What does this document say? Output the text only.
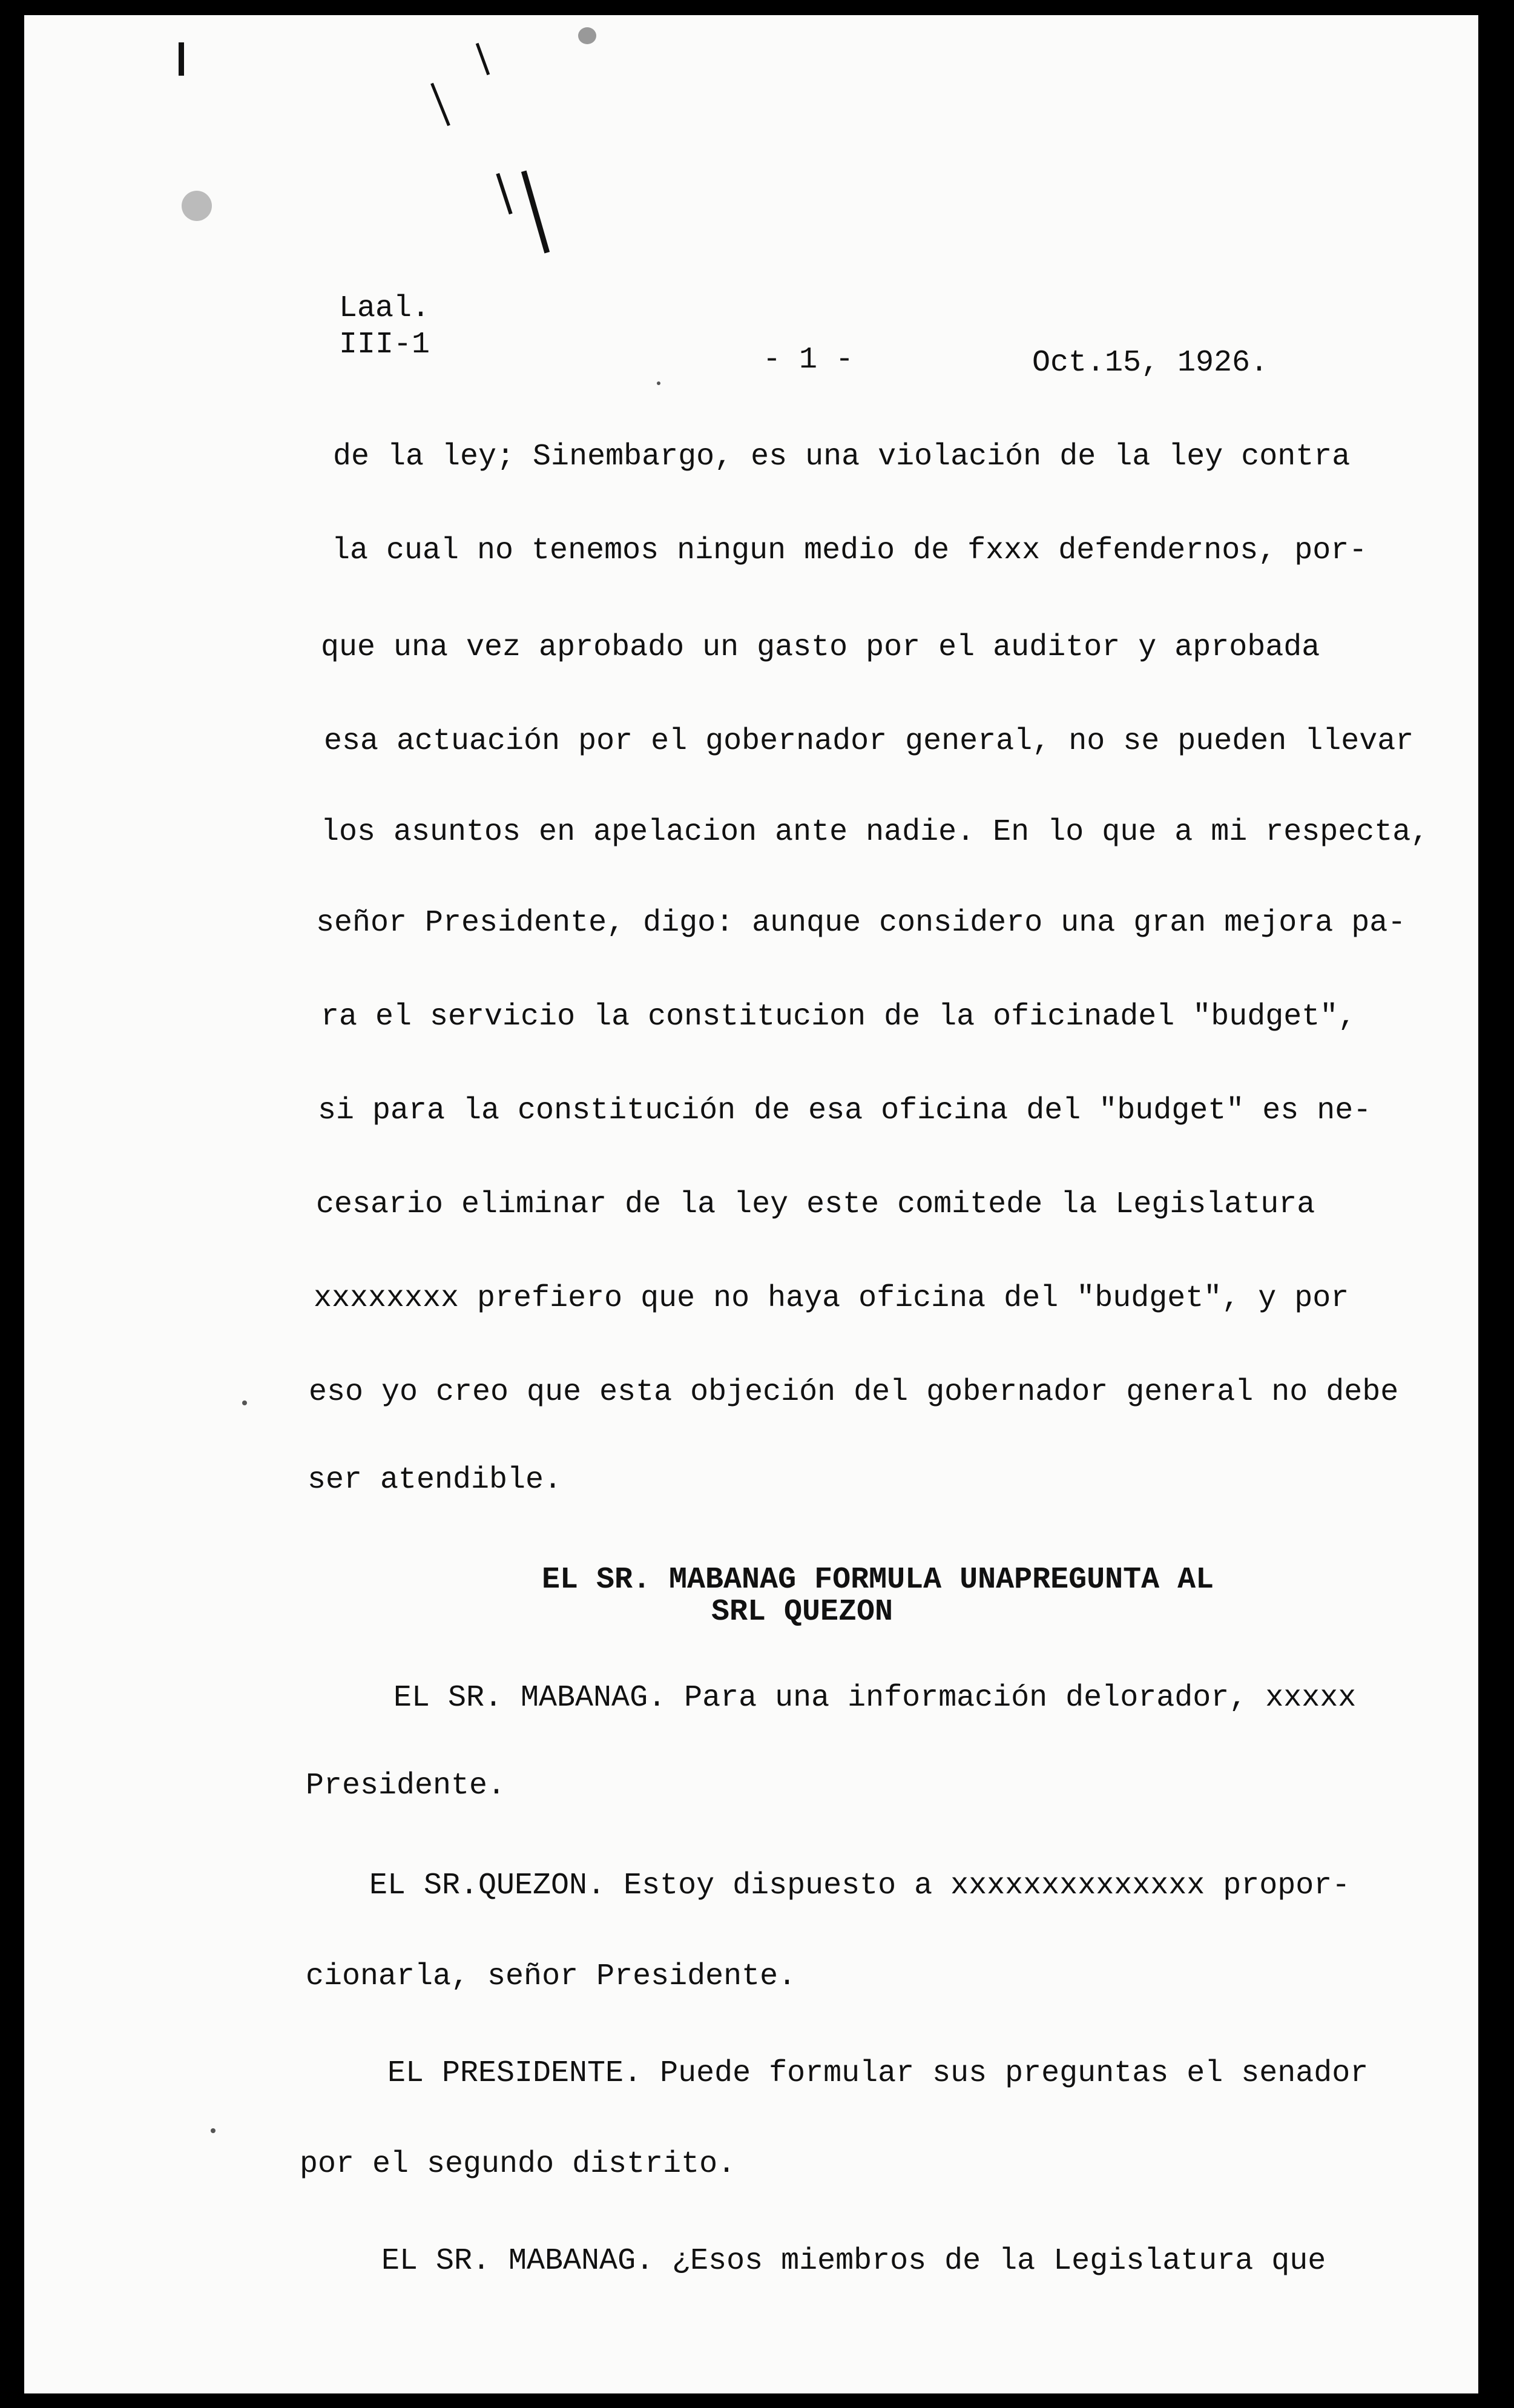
Laal.
III-1	- 1 -	Oct.15, 1926.
de la ley; Sinembargo, es una violación de la ley contra
la cual no tenemos ningun medio de fxxx defendernos, por-
que una vez aprobado un gasto por el auditor y aprobada
esa actuación por el gobernador general, no se pueden llevar
los asuntos en apelacion ante nadie. En lo que a mi respecta,
señor Presidente, digo: aunque considero una gran mejora pa-
ra el servicio la constitucion de la oficinadel "budget",
si para la constitución de esa oficina del "budget" es ne-
cesario eliminar de la ley este comitede la Legislatura
xxxxxxxx prefiero que no haya oficina del "budget", y por
eso yo creo que esta objeción del gobernador general no debe
ser atendible.
EL SR. MABANAG FORMULA UNAPREGUNTA AL
SRL QUEZON
EL SR. MABANAG. Para una información delorador, xxxxx
Presidente.
EL SR.QUEZON. Estoy dispuesto a xxxxxxxxxxxxxx propor-
cionarla, señor Presidente.
EL PRESIDENTE. Puede formular sus preguntas el senador
por el segundo distrito.
EL SR. MABANAG. ¿Esos miembros de la Legislatura que
